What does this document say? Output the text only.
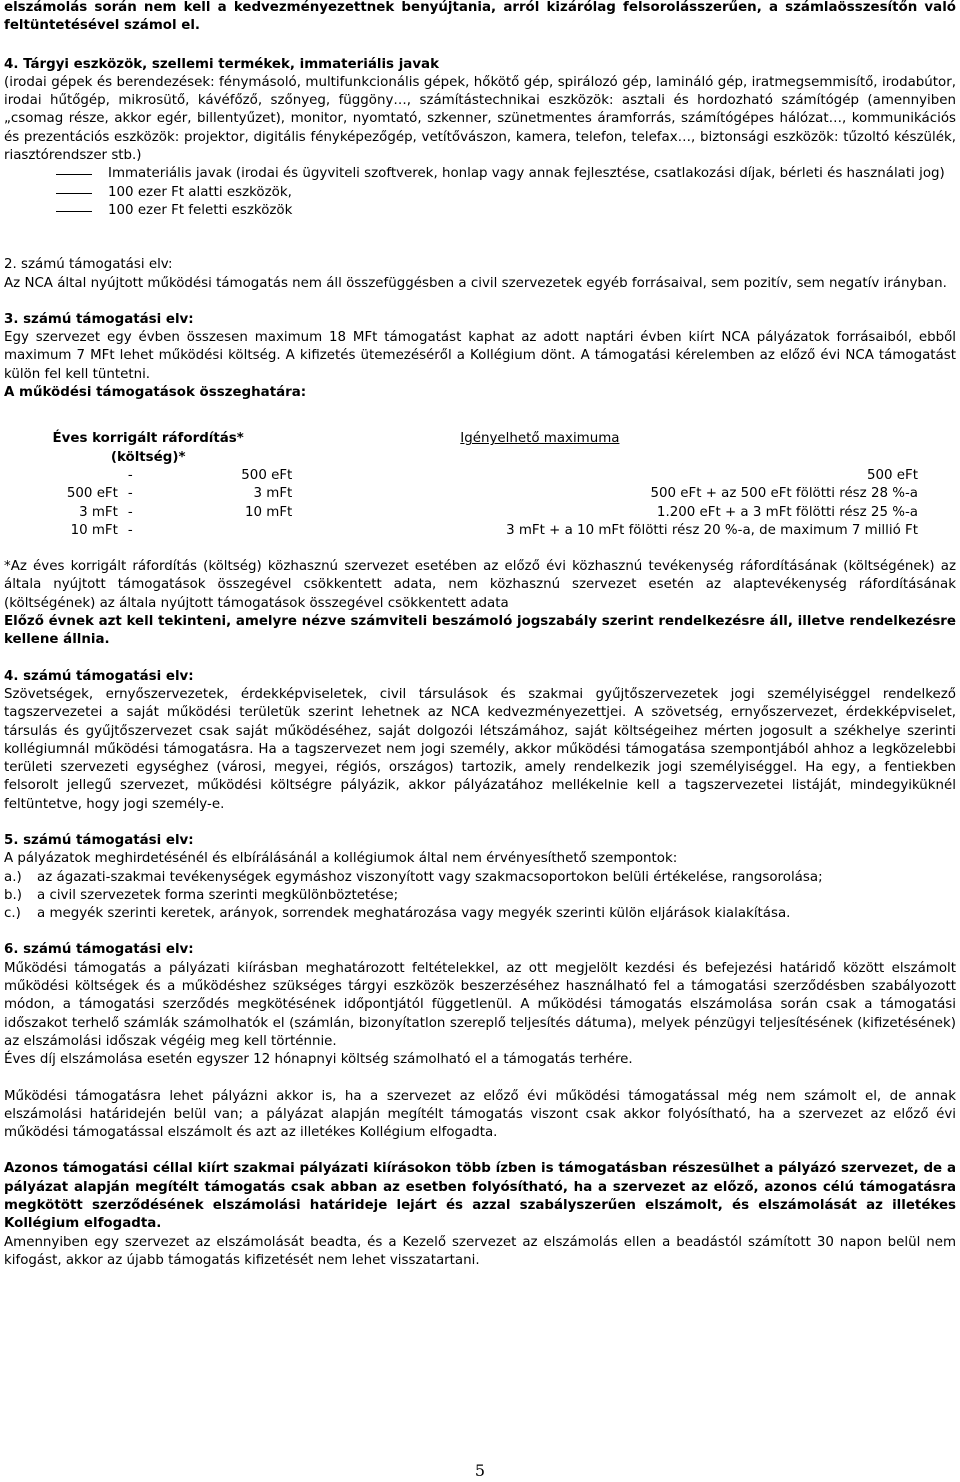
elszámolás során nem kell a kedvezményezettnek benyújtania, arról kizárólag felsorolásszerűen, a számlaösszesítőn való feltüntetésével számol el.

4. Tárgyi eszközök, szellemi termékek, immateriális javak

(irodai gépek és berendezések: fénymásoló, multifunkcionális gépek, hőkötő gép, spirálozó gép, lamináló gép, iratmegsemmisítő, irodabútor, irodai hűtőgép, mikrosütő, kávéfőző, szőnyeg, függöny…, számítástechnikai eszközök: asztali és hordozható számítógép (amennyiben „csomag része, akkor egér, billentyűzet), monitor, nyomtató, szkenner, szünetmentes áramforrás, számítógépes hálózat…, kommunikációs és prezentációs eszközök: projektor, digitális fényképezőgép, vetítővászon, kamera, telefon, telefax…, biztonsági eszközök: tűzoltó készülék, riasztórendszer stb.)

Immateriális javak (irodai és ügyviteli szoftverek, honlap vagy annak fejlesztése, csatlakozási díjak, bérleti és használati jog)
100 ezer Ft alatti eszközök,
100 ezer Ft feletti eszközök

2. számú támogatási elv:

Az NCA által nyújtott működési támogatás nem áll összefüggésben a civil szervezetek egyéb forrásaival, sem pozitív, sem negatív irányban.

3. számú támogatási elv:

Egy szervezet egy évben összesen maximum 18 MFt támogatást kaphat az adott naptári évben kiírt NCA pályázatok forrásaiból, ebből maximum 7 MFt lehet működési költség. A kifizetés ütemezéséről a Kollégium dönt. A támogatási kérelemben az előző évi NCA támogatást külön fel kell tüntetni.

A működési támogatások összeghatára:

Éves korrigált ráfordítás*
(költség)*			Igényelhető maximuma
	-	500 eFt	500 eFt
500 eFt	-	3 mFt	500 eFt + az 500 eFt fölötti rész 28 %-a
3 mFt	-	10 mFt	1.200 eFt + a 3 mFt fölötti rész 25 %-a
10 mFt	-		3 mFt + a 10 mFt fölötti rész 20 %-a, de maximum 7 millió Ft

*Az éves korrigált ráfordítás (költség) közhasznú szervezet esetében az előző évi közhasznú tevékenység ráfordításának (költségének) az általa nyújtott támogatások összegével csökkentett adata, nem közhasznú szervezet esetén az alaptevékenység ráfordításának (költségének) az általa nyújtott támogatások összegével csökkentett adata

Előző évnek azt kell tekinteni, amelyre nézve számviteli beszámoló jogszabály szerint rendelkezésre áll, illetve rendelkezésre kellene állnia.

4. számú támogatási elv:

Szövetségek, ernyőszervezetek, érdekképviseletek, civil társulások és szakmai gyűjtőszervezetek jogi személyiséggel rendelkező tagszervezetei a saját működési területük szerint lehetnek az NCA kedvezményezettjei. A szövetség, ernyőszervezet, érdekképviselet, társulás és gyűjtőszervezet csak saját működéséhez, saját dolgozói létszámához, saját költségeihez mérten jogosult a székhelye szerinti kollégiumnál működési támogatásra. Ha a tagszervezet nem jogi személy, akkor működési támogatása szempontjából ahhoz a legközelebbi területi szervezeti egységhez (városi, megyei, régiós, országos) tartozik, amely rendelkezik jogi személyiséggel. Ha egy, a fentiekben felsorolt jellegű szervezet, működési költségre pályázik, akkor pályázatához mellékelnie kell a tagszervezetei listáját, mindegyiküknél feltüntetve, hogy jogi személy-e.

5. számú támogatási elv:

A pályázatok meghirdetésénél és elbírálásánál a kollégiumok által nem érvényesíthető szempontok:

a.) az ágazati-szakmai tevékenységek egymáshoz viszonyított vagy szakmacsoportokon belüli értékelése, rangsorolása;
b.) a civil szervezetek forma szerinti megkülönböztetése;
c.) a megyék szerinti keretek, arányok, sorrendek meghatározása vagy megyék szerinti külön eljárások kialakítása.

6. számú támogatási elv:

Működési támogatás a pályázati kiírásban meghatározott feltételekkel, az ott megjelölt kezdési és befejezési határidő között elszámolt működési költségek és a működéshez szükséges tárgyi eszközök beszerzéséhez használható fel a támogatási szerződésben szabályozott módon, a támogatási szerződés megkötésének időpontjától függetlenül. A működési támogatás elszámolása során csak a támogatási időszakot terhelő számlák számolhatók el (számlán, bizonyítatlon szereplő teljesítés dátuma), melyek pénzügyi teljesítésének (kifizetésének) az elszámolási időszak végéig meg kell történnie.

Éves díj elszámolása esetén egyszer 12 hónapnyi költség számolható el a támogatás terhére.

Működési támogatásra lehet pályázni akkor is, ha a szervezet az előző évi működési támogatással még nem számolt el, de annak elszámolási határidején belül van; a pályázat alapján megítélt támogatás viszont csak akkor folyósítható, ha a szervezet az előző évi működési támogatással elszámolt és azt az illetékes Kollégium elfogadta.

Azonos támogatási céllal kiírt szakmai pályázati kiírásokon több ízben is támogatásban részesülhet a pályázó szervezet, de a pályázat alapján megítélt támogatás csak abban az esetben folyósítható, ha a szervezet az előző, azonos célú támogatásra megkötött szerződésének elszámolási határideje lejárt és azzal szabályszerűen elszámolt, és elszámolását az illetékes Kollégium elfogadta.

Amennyiben egy szervezet az elszámolását beadta, és a Kezelő szervezet az elszámolás ellen a beadástól számított 30 napon belül nem kifogást, akkor az újabb támogatás kifizetését nem lehet visszatartani.

5
